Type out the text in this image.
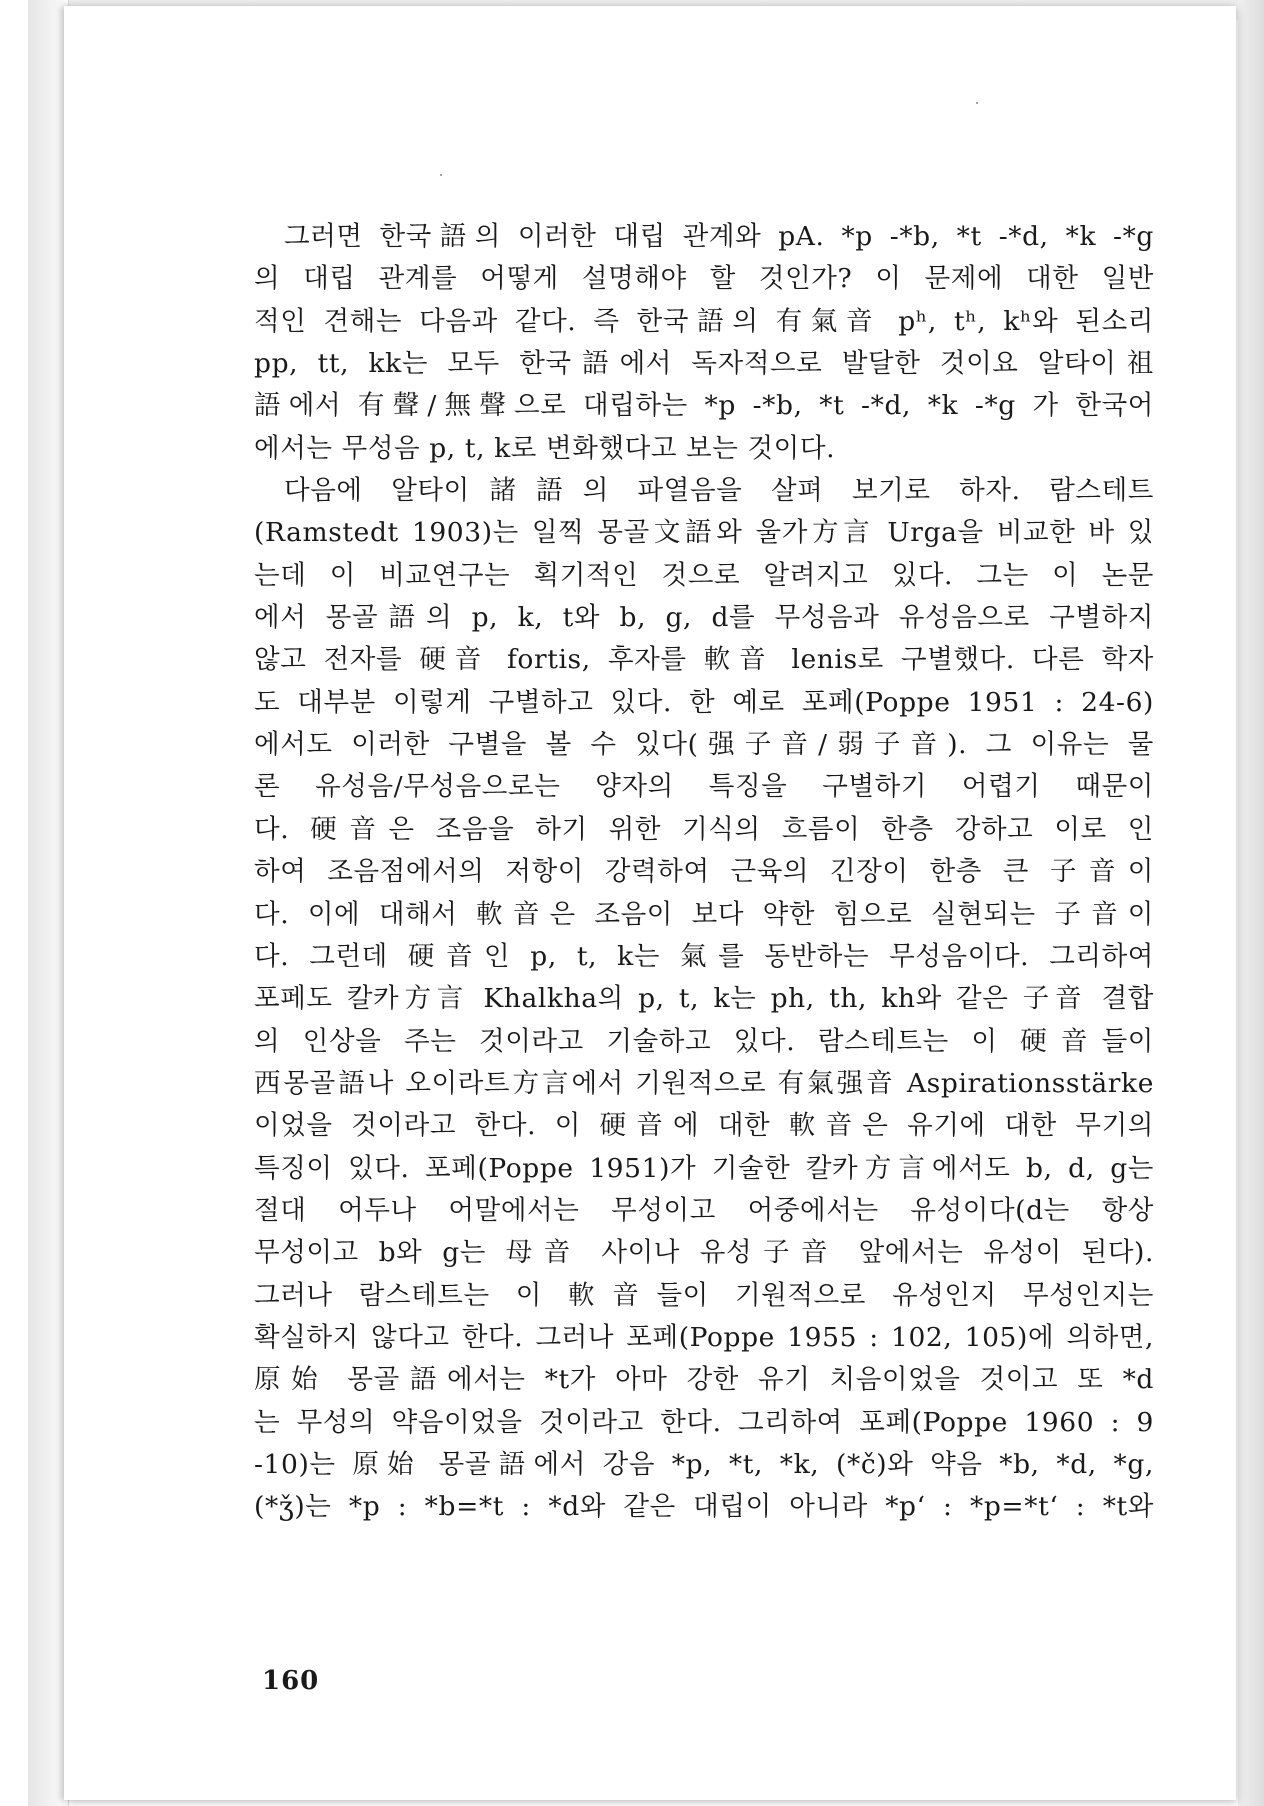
그러면 한국語의 이러한 대립 관계와 pA. *p -*b, *t -*d, *k -*g
의 대립 관계를 어떻게 설명해야 할 것인가? 이 문제에 대한 일반
적인 견해는 다음과 같다. 즉 한국語의 有氣音 pʰ, tʰ, kʰ와 된소리
pp, tt, kk는 모두 한국語에서 독자적으로 발달한 것이요 알타이祖
語에서 有聲/無聲으로 대립하는 *p -*b, *t -*d, *k -*g 가 한국어
에서는 무성음 p, t, k로 변화했다고 보는 것이다.
다음에 알타이諸語의 파열음을 살펴 보기로 하자. 람스테트
(Ramstedt 1903)는 일찍 몽골文語와 울가方言 Urga을 비교한 바 있
는데 이 비교연구는 획기적인 것으로 알려지고 있다. 그는 이 논문
에서 몽골語의 p, k, t와 b, g, d를 무성음과 유성음으로 구별하지
않고 전자를 硬音 fortis, 후자를 軟音 lenis로 구별했다. 다른 학자
도 대부분 이렇게 구별하고 있다. 한 예로 포페(Poppe 1951 : 24-6)
에서도 이러한 구별을 볼 수 있다(强子音/弱子音). 그 이유는 물
론 유성음/무성음으로는 양자의 특징을 구별하기 어렵기 때문이
다. 硬音은 조음을 하기 위한 기식의 흐름이 한층 강하고 이로 인
하여 조음점에서의 저항이 강력하여 근육의 긴장이 한층 큰 子音이
다. 이에 대해서 軟音은 조음이 보다 약한 힘으로 실현되는 子音이
다. 그런데 硬音인 p, t, k는 氣를 동반하는 무성음이다. 그리하여
포페도 칼카方言 Khalkha의 p, t, k는 ph, th, kh와 같은 子音 결합
의 인상을 주는 것이라고 기술하고 있다. 람스테트는 이 硬音들이
西몽골語나 오이라트方言에서 기원적으로 有氣强音 Aspirationsstärke
이었을 것이라고 한다. 이 硬音에 대한 軟音은 유기에 대한 무기의
특징이 있다. 포페(Poppe 1951)가 기술한 칼카方言에서도 b, d, g는
절대 어두나 어말에서는 무성이고 어중에서는 유성이다(d는 항상
무성이고 b와 g는 母音 사이나 유성子音 앞에서는 유성이 된다).
그러나 람스테트는 이 軟音들이 기원적으로 유성인지 무성인지는
확실하지 않다고 한다. 그러나 포페(Poppe 1955 : 102, 105)에 의하면,
原始 몽골語에서는 *t가 아마 강한 유기 치음이었을 것이고 또 *d
는 무성의 약음이었을 것이라고 한다. 그리하여 포페(Poppe 1960 : 9
-10)는 原始 몽골語에서 강음 *p, *t, *k, (*č)와 약음 *b, *d, *g,
(*ǯ)는 *p : *b=*t : *d와 같은 대립이 아니라 *p‘ : *p=*t‘ : *t와
160
